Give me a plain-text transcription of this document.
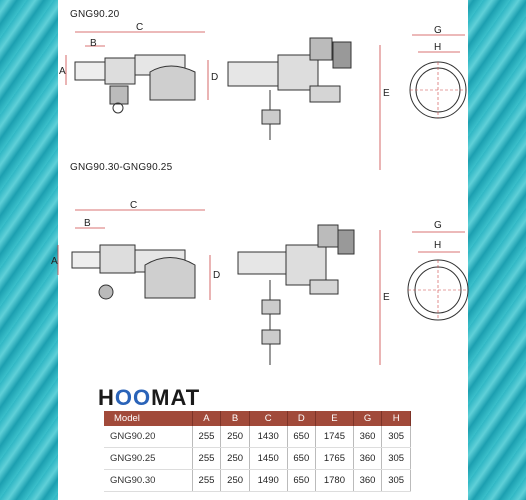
GNG90.20
GNG90.30-GNG90.25
C
B
A
D
E
G
H
C
B
A
D
E
G
H
HOOMAT
Model	A	B	C	D	E	G	H
GNG90.20	255	250	1430	650	1745	360	305
GNG90.25	255	250	1450	650	1765	360	305
GNG90.30	255	250	1490	650	1780	360	305
